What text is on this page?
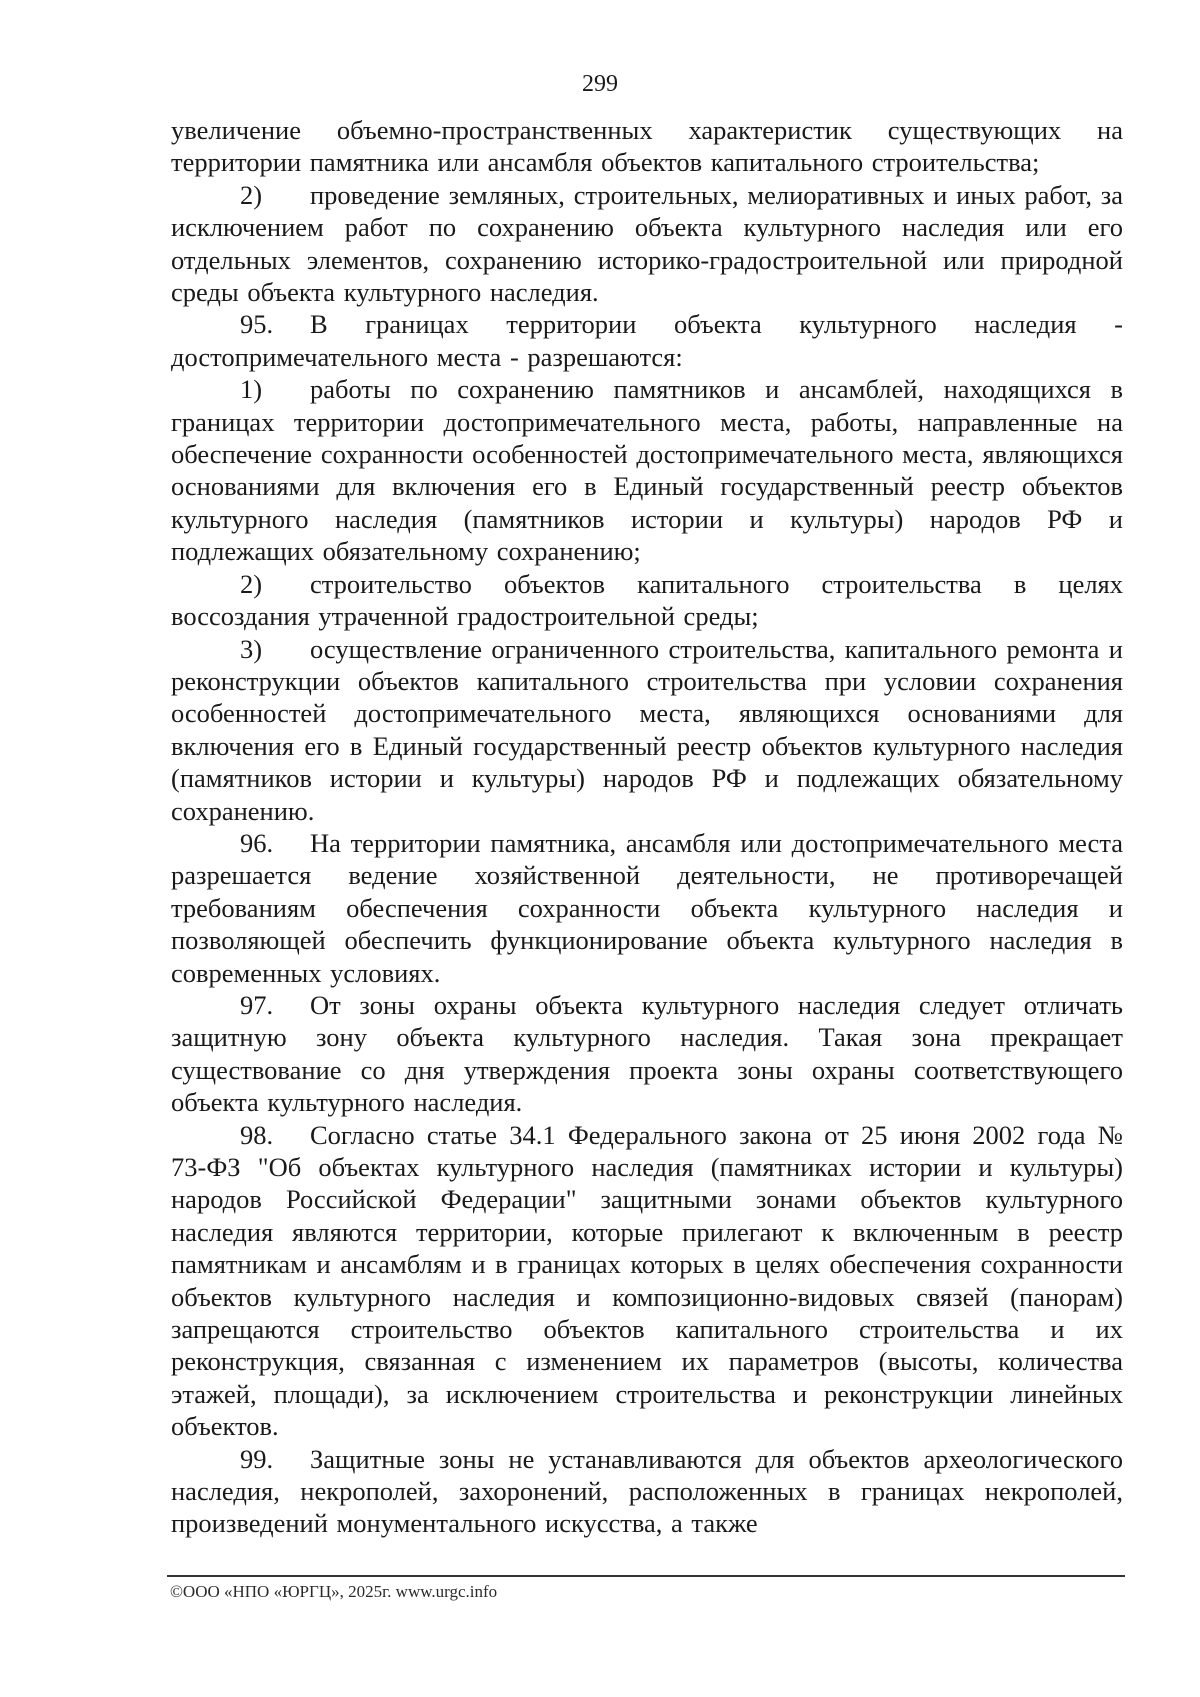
299

увеличение объемно-пространственных характеристик существующих на территории памятника или ансамбля объектов капитального строительства;

2) проведение земляных, строительных, мелиоративных и иных работ, за исключением работ по сохранению объекта культурного наследия или его отдельных элементов, сохранению историко-градостроительной или природной среды объекта культурного наследия.

95. В границах территории объекта культурного наследия - достопримечательного места - разрешаются:

1) работы по сохранению памятников и ансамблей, находящихся в границах территории достопримечательного места, работы, направленные на обеспечение сохранности особенностей достопримечательного места, являющихся основаниями для включения его в Единый государственный реестр объектов культурного наследия (памятников истории и культуры) народов РФ и подлежащих обязательному сохранению;

2) строительство объектов капитального строительства в целях воссоздания утраченной градостроительной среды;

3) осуществление ограниченного строительства, капитального ремонта и реконструкции объектов капитального строительства при условии сохранения особенностей достопримечательного места, являющихся основаниями для включения его в Единый государственный реестр объектов культурного наследия (памятников истории и культуры) народов РФ и подлежащих обязательному сохранению.

96. На территории памятника, ансамбля или достопримечательного места разрешается ведение хозяйственной деятельности, не противоречащей требованиям обеспечения сохранности объекта культурного наследия и позволяющей обеспечить функционирование объекта культурного наследия в современных условиях.

97. От зоны охраны объекта культурного наследия следует отличать защитную зону объекта культурного наследия. Такая зона прекращает существование со дня утверждения проекта зоны охраны соответствующего объекта культурного наследия.

98. Согласно статье 34.1 Федерального закона от 25 июня 2002 года № 73-ФЗ "Об объектах культурного наследия (памятниках истории и культуры) народов Российской Федерации" защитными зонами объектов культурного наследия являются территории, которые прилегают к включенным в реестр памятникам и ансамблям и в границах которых в целях обеспечения сохранности объектов культурного наследия и композиционно-видовых связей (панорам) запрещаются строительство объектов капитального строительства и их реконструкция, связанная с изменением их параметров (высоты, количества этажей, площади), за исключением строительства и реконструкции линейных объектов.

99. Защитные зоны не устанавливаются для объектов археологического наследия, некрополей, захоронений, расположенных в границах некрополей, произведений монументального искусства, а также

©ООО «НПО «ЮРГЦ», 2025г. www.urgc.info
